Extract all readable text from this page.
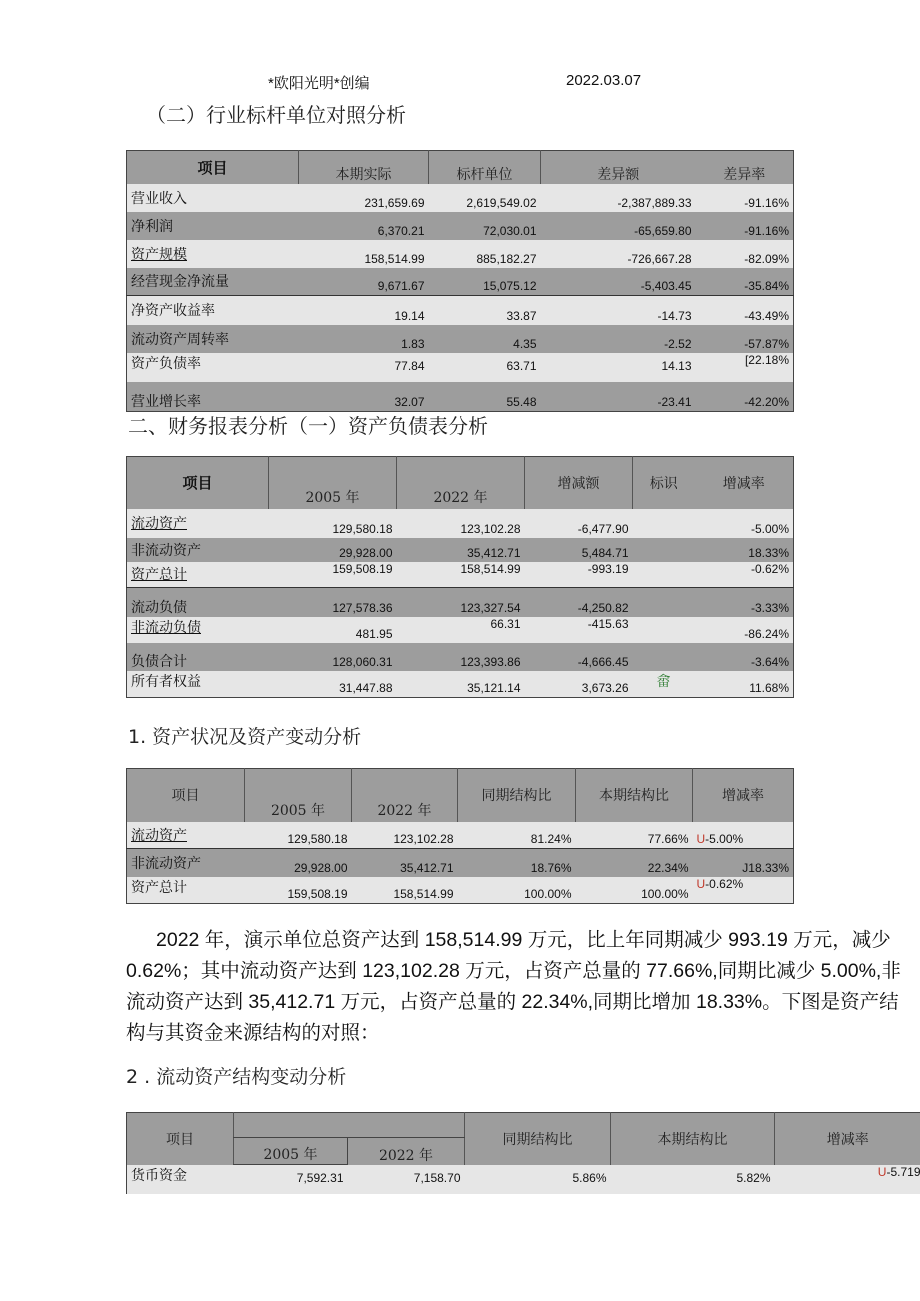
*欧阳光明*创编	2022.03.07
（二）行业标杆单位对照分析
项目	本期实际	标杆单位	差异额	差异率
营业收入	231,659.69	2,619,549.02	-2,387,889.33	-91.16%
净利润	6,370.21	72,030.01	-65,659.80	-91.16%
资产规模	158,514.99	885,182.27	-726,667.28	-82.09%
经营现金净流量	9,671.67	15,075.12	-5,403.45	-35.84%
净资产收益率	19.14	33.87	-14.73	-43.49%
流动资产周转率	1.83	4.35	-2.52	-57.87%
资产负债率	77.84	63.71	14.13	[22.18%
营业增长率	32.07	55.48	-23.41	-42.20%
二、财务报表分析（一）资产负债表分析
项目	2005 年	2022 年	增减额	标识	增减率
流动资产	129,580.18	123,102.28	-6,477.90		-5.00%
非流动资产	29,928.00	35,412.71	5,484.71		18.33%
资产总计	159,508.19	158,514.99	-993.19		-0.62%
流动负债	127,578.36	123,327.54	-4,250.82		-3.33%
非流动负债	481.95	66.31	-415.63		-86.24%
负债合计	128,060.31	123,393.86	-4,666.45		-3.64%
所有者权益	31,447.88	35,121.14	3,673.26	畲	11.68%
1. 资产状况及资产变动分析
项目	2005 年	2022 年	同期结构比	本期结构比	增减率
流动资产	129,580.18	123,102.28	81.24%	77.66%	U-5.00%
非流动资产	29,928.00	35,412.71	18.76%	22.34%	J18.33%
资产总计	159,508.19	158,514.99	100.00%	100.00%	U-0.62%
2022 年，演示单位总资产达到 158,514.99 万元，比上年同期减少 993.19 万元，减少 0.62%；其中流动资产达到 123,102.28 万元，占资产总量的 77.66%,同期比减少 5.00%,非流动资产达到 35,412.71 万元，占资产总量的 22.34%,同期比增加 18.33%。下图是资产结构与其资金来源结构的对照：
2 . 流动资产结构变动分析
项目			同期结构比	本期结构比	增减率
	2005 年	2022 年			
货币资金	7,592.31	7,158.70	5.86%	5.82%	U-5.719
